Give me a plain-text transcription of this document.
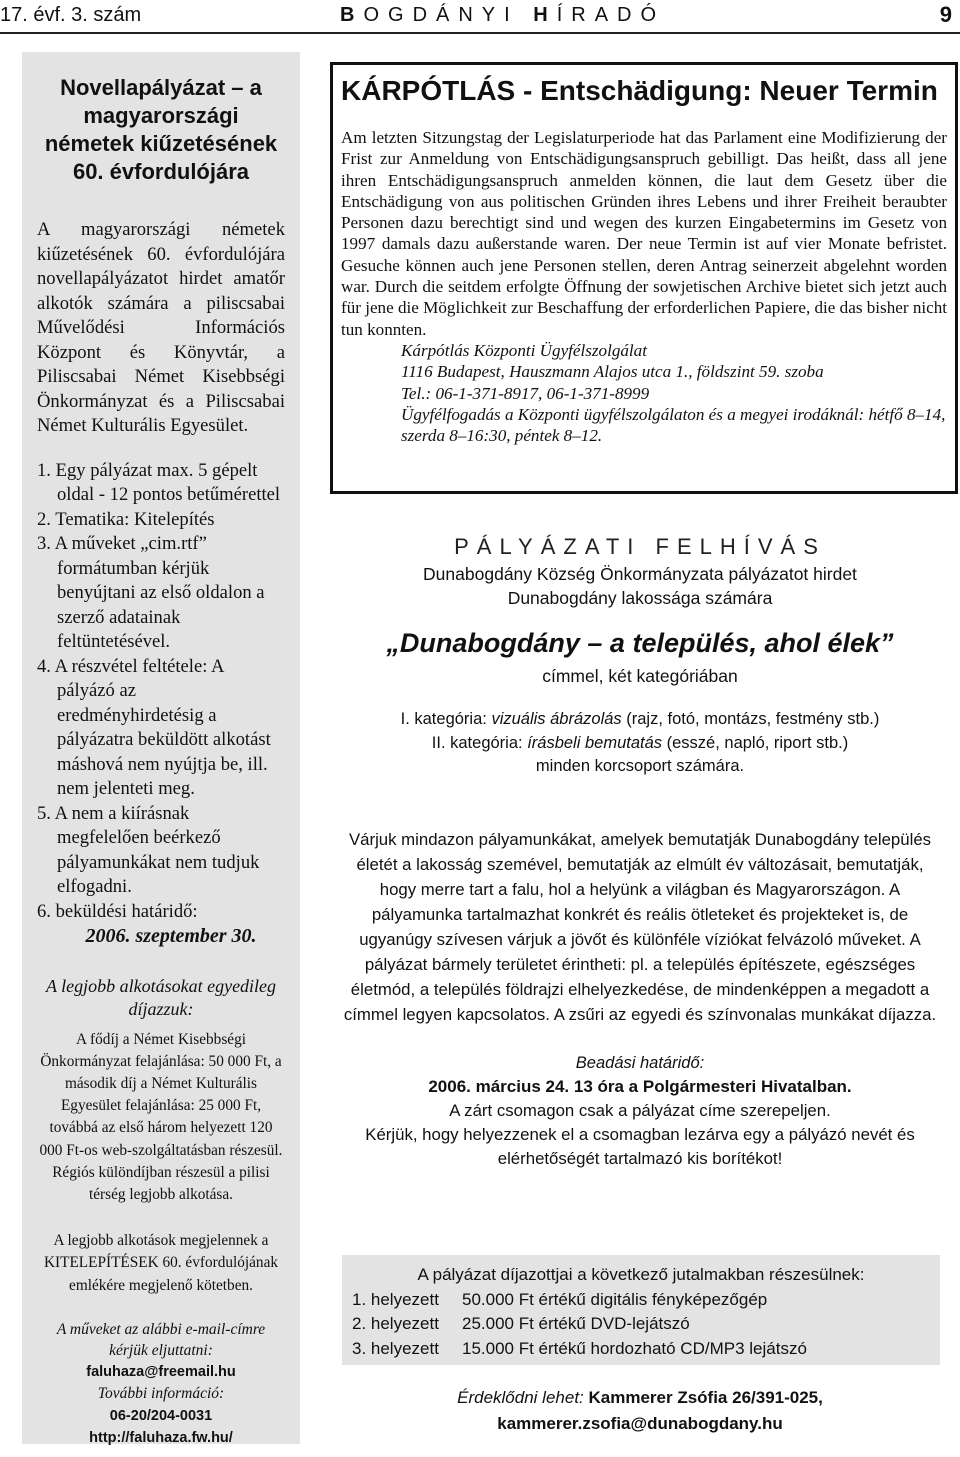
17. évf. 3. szám	BOGDÁNYI HÍRADÓ	9
Novellapályázat – a magyarországi németek kiűzetésének 60. évfordulójára

A magyarországi németek kiűzetésének 60. évfordulójára novellapályázatot hirdet amatőr alkotók számára a piliscsabai Művelődési Információs Központ és Könyvtár, a Piliscsabai Német Kisebbségi Önkormányzat és a Piliscsabai Német Kulturális Egyesület.

1. Egy pályázat max. 5 gépelt oldal - 12 pontos betűmérettel
2. Tematika: Kitelepítés
3. A műveket „cim.rtf” formátumban kérjük benyújtani az első oldalon a szerző adatainak feltüntetésével.
4. A részvétel feltétele: A pályázó az eredményhirdetésig a pályázatra beküldött alkotást máshová nem nyújtja be, ill. nem jelenteti meg.
5. A nem a kiírásnak megfelelően beérkező pályamunkákat nem tudjuk elfogadni.
6. beküldési határidő:
2006. szeptember 30.

A legjobb alkotásokat egyedileg díjazzuk:

A fődíj a Német Kisebbségi Önkormányzat felajánlása: 50 000 Ft, a második díj a Német Kulturális Egyesület felajánlása: 25 000 Ft, továbbá az első három helyezett 120 000 Ft-os web-szolgáltatásban részesül. Régiós különdíjban részesül a pilisi térség legjobb alkotása.

A legjobb alkotások megjelennek a KITELEPÍTÉSEK 60. évfordulójának emlékére megjelenő kötetben.

A műveket az alábbi e-mail-címre kérjük eljuttatni:

faluhaza@freemail.hu
További információ:
06-20/204-0031
http://faluhaza.fw.hu/
KÁRPÓTLÁS - Entschädigung: Neuer Termin

Am letzten Sitzungstag der Legislaturperiode hat das Parlament eine Modifizierung der Frist zur Anmeldung von Entschädigungsanspruch gebilligt. Das heißt, dass all jene ihren Entschädigungsanspruch anmelden können, die laut dem Gesetz über die Entschädigung von aus politischen Gründen ihres Lebens und ihrer Freiheit beraubter Personen dazu berechtigt sind und wegen des kurzen Eingabetermins im Gesetz von 1997 damals dazu außerstande waren. Der neue Termin ist auf vier Monate befristet. Gesuche können auch jene Personen stellen, deren Antrag seinerzeit abgelehnt worden war. Durch die seitdem erfolgte Öffnung der sowjetischen Archive bietet sich jetzt auch für jene die Möglichkeit zur Beschaffung der erforderlichen Papiere, die das bisher nicht tun konnten.

Kárpótlás Központi Ügyfélszolgálat

1116 Budapest, Hauszmann Alajos utca 1., földszint 59. szoba

Tel.: 06-1-371-8917, 06-1-371-8999

Ügyfélfogadás a Központi ügyfélszolgálaton és a megyei irodáknál: hétfő 8–14, szerda 8–16:30, péntek 8–12.

PÁLYÁZATI FELHÍVÁS

Dunabogdány Község Önkormányzata pályázatot hirdet

Dunabogdány lakossága számára

„Dunabogdány – a település, ahol élek”

címmel, két kategóriában

I. kategória: vizuális ábrázolás (rajz, fotó, montázs, festmény stb.)

II. kategória: írásbeli bemutatás (esszé, napló, riport stb.)

minden korcsoport számára.

Várjuk mindazon pályamunkákat, amelyek bemutatják Dunabogdány település életét a lakosság szemével, bemutatják az elmúlt év változásait, bemutatják, hogy merre tart a falu, hol a helyünk a világban és Magyarországon. A pályamunka tartalmazhat konkrét és reális ötleteket és projekteket is, de ugyanúgy szívesen várjuk a jövőt és különféle víziókat felvázoló műveket. A pályázat bármely területet érintheti: pl. a település építészete, egészséges életmód, a település földrajzi elhelyezkedése, de mindenképpen a megadott a címmel legyen kapcsolatos. A zsűri az egyedi és színvonalas munkákat díjazza.

Beadási határidő:

2006. március 24. 13 óra a Polgármesteri Hivatalban.

A zárt csomagon csak a pályázat címe szerepeljen.

Kérjük, hogy helyezzenek el a csomagban lezárva egy a pályázó nevét és elérhetőségét tartalmazó kis borítékot!

A pályázat díjazottjai a következő jutalmakban részesülnek:

1. helyezett	50.000 Ft értékű digitális fényképezőgép
2. helyezett	25.000 Ft értékű DVD-lejátszó
3. helyezett	15.000 Ft értékű hordozható CD/MP3 lejátszó
Érdeklődni lehet: Kammerer Zsófia 26/391-025,
kammerer.zsofia@dunabogdany.hu
